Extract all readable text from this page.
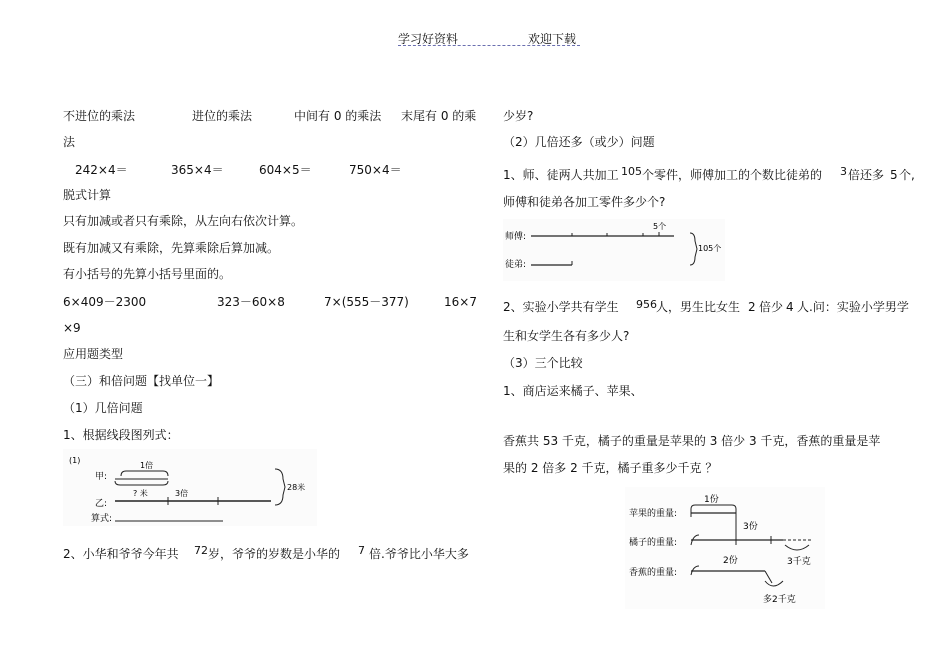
学习好资料	欢迎下载
不进位的乘法	进位的乘法	中间有 0 的乘法 末尾有 0 的乘
法
242×4＝	365×4＝	604×5＝	750×4＝
脱式计算
只有加减或者只有乘除，从左向右依次计算。
既有加减又有乘除，先算乘除后算加减。
有小括号的先算小括号里面的。
6×409－2300	323－60×8	7×(555－377)	16×7
×9
应用题类型
（三）和倍问题【找单位一】
（1）几倍问题
1、根据线段图列式：
(1)
甲:
1倍
? 米	3倍
乙:
28米
算式:
2、小华和爷爷今年共 72 岁，爷爷的岁数是小华的 7 倍.爷爷比小华大多
少岁?
（2）几倍还多（或少）问题
1、师、徒两人共加工 105 个零件，师傅加工的个数比徒弟的 3 倍还多 5 个,
师傅和徒弟各加工零件多少个?
师傅:
5个
徒弟:
105个
2、实验小学共有学生 956 人，男生比女生 2 倍少 4 人.问：实验小学男学
生和女学生各有多少人?
（3）三个比较
1、商店运来橘子、苹果、
香蕉共 53 千克，橘子的重量是苹果的 3 倍少 3 千克，香蕉的重量是苹
果的 2 倍多 2 千克，橘子重多少千克 ？
苹果的重量:
橘子的重量:
香蕉的重量:
1份
3份
3千克
2份
多2千克
